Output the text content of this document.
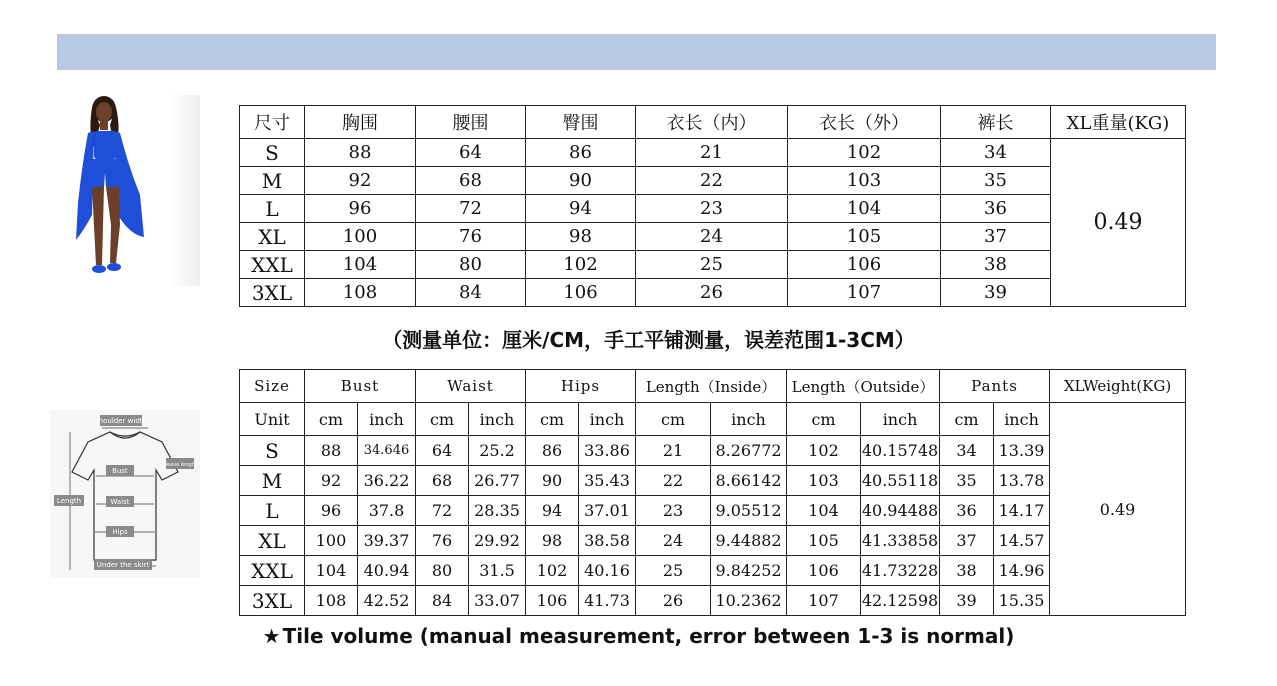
尺寸	胸围	腰围	臀围	衣长（内）	衣长（外）	裤长	XL重量(KG)
S	88	64	86	21	102	34	0.49
M	92	68	90	22	103	35	
L	96	72	94	23	104	36	
XL	100	76	98	24	105	37	
XXL	104	80	102	25	106	38	
3XL	108	84	106	26	107	39	
（测量单位：厘米/CM，手工平铺测量，误差范围1-3CM）
shoulder width
sleeve length
Length
Bust
Waist
Hips
Under the skirt
Size	Bust		Waist		Hips		Length（Inside）		Length（Outside）		Pants		XLWeight(KG)
Unit	cm	inch	cm	inch	cm	inch	cm	inch	cm	inch	cm	inch	0.49
S	88	34.646	64	25.2	86	33.86	21	8.26772	102	40.15748	34	13.39	
M	92	36.22	68	26.77	90	35.43	22	8.66142	103	40.55118	35	13.78	
L	96	37.8	72	28.35	94	37.01	23	9.05512	104	40.94488	36	14.17	
XL	100	39.37	76	29.92	98	38.58	24	9.44882	105	41.33858	37	14.57	
XXL	104	40.94	80	31.5	102	40.16	25	9.84252	106	41.73228	38	14.96	
3XL	108	42.52	84	33.07	106	41.73	26	10.2362	107	42.12598	39	15.35	
★ Tile volume (manual measurement, error between 1-3 is normal)
